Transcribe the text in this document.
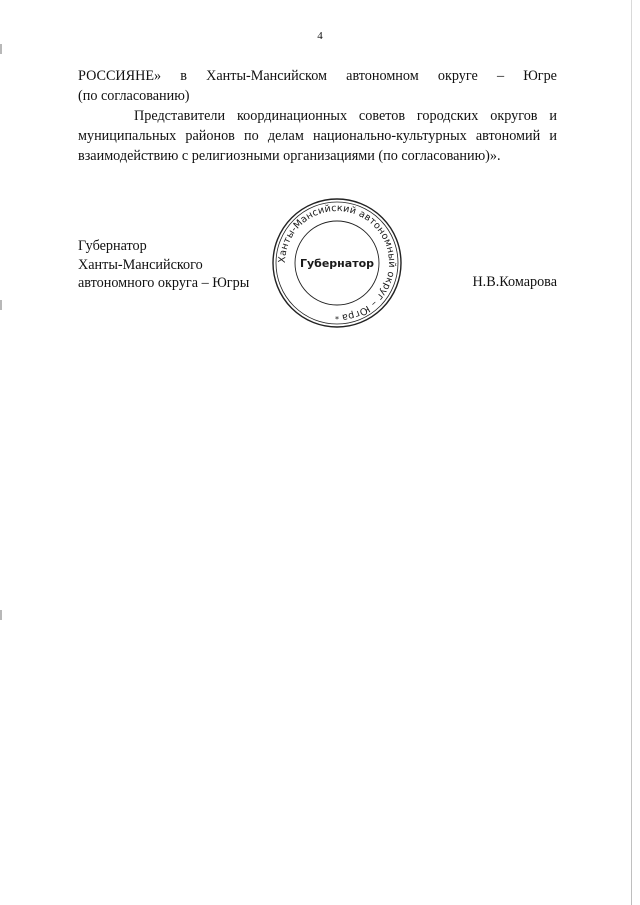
4

РОССИЯНЕ» в Ханты-Мансийском автономном округе – Югре
(по согласованию)

Представители координационных советов городских округов и муниципальных районов по делам национально-культурных автономий и взаимодействию с религиозными организациями (по согласованию)».

Губернатор
Ханты-Мансийского
автономного округа – Югры	Н.В.Комарова
Ханты-Мансийский автономный округ – Югра
Губернатор
*
